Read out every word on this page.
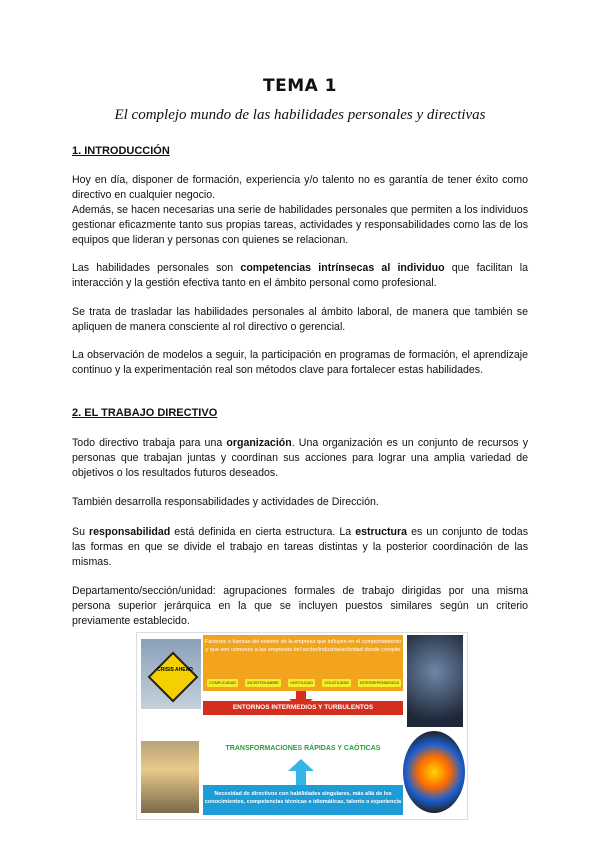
TEMA 1
El complejo mundo de las habilidades personales y directivas
1. INTRODUCCIÓN
Hoy en día, disponer de formación, experiencia y/o talento no es garantía de tener éxito como directivo en cualquier negocio.
Además, se hacen necesarias una serie de habilidades personales que permiten a los individuos gestionar eficazmente tanto sus propias tareas, actividades y responsabilidades como las de los equipos que lideran y personas con quienes se relacionan.
Las habilidades personales son competencias intrínsecas al individuo que facilitan la interacción y la gestión efectiva tanto en el ámbito personal como profesional.
Se trata de trasladar las habilidades personales al ámbito laboral, de manera que también se apliquen de manera consciente al rol directivo o gerencial.
La observación de modelos a seguir, la participación en programas de formación, el aprendizaje continuo y la experimentación real son métodos clave para fortalecer estas habilidades.
2. EL TRABAJO DIRECTIVO
Todo directivo trabaja para una organización. Una organización es un conjunto de recursos y personas que trabajan juntas y coordinan sus acciones para lograr una amplia variedad de objetivos o los resultados futuros deseados.
También desarrolla responsabilidades y actividades de Dirección.
Su responsabilidad está definida en cierta estructura. La estructura es un conjunto de todas las formas en que se divide el trabajo en tareas distintas y la posterior coordinación de las mismas.
Departamento/sección/unidad: agrupaciones formales de trabajo dirigidas por una misma persona superior jerárquica en la que se incluyen puestos similares según un criterio previamente establecido.
CRISIS AHEAD
Factores o fuerzas del exterior de la empresa que influyen en el comportamiento y que son comunes a las empresas del sector/industria/actividad donde compite
COMPLEJIDAD	INCERTIDUMBRE	HOSTILIDAD	VOLATILIDAD	INTERDEPENDENCIA
ENTORNOS INTERMEDIOS Y TURBULENTOS
TRANSFORMACIONES RÁPIDAS Y CAÓTICAS
Necesidad de directivos con habilidades singulares, más allá de los conocimientos, competencias técnicas e idiomáticas, talento o experiencia
